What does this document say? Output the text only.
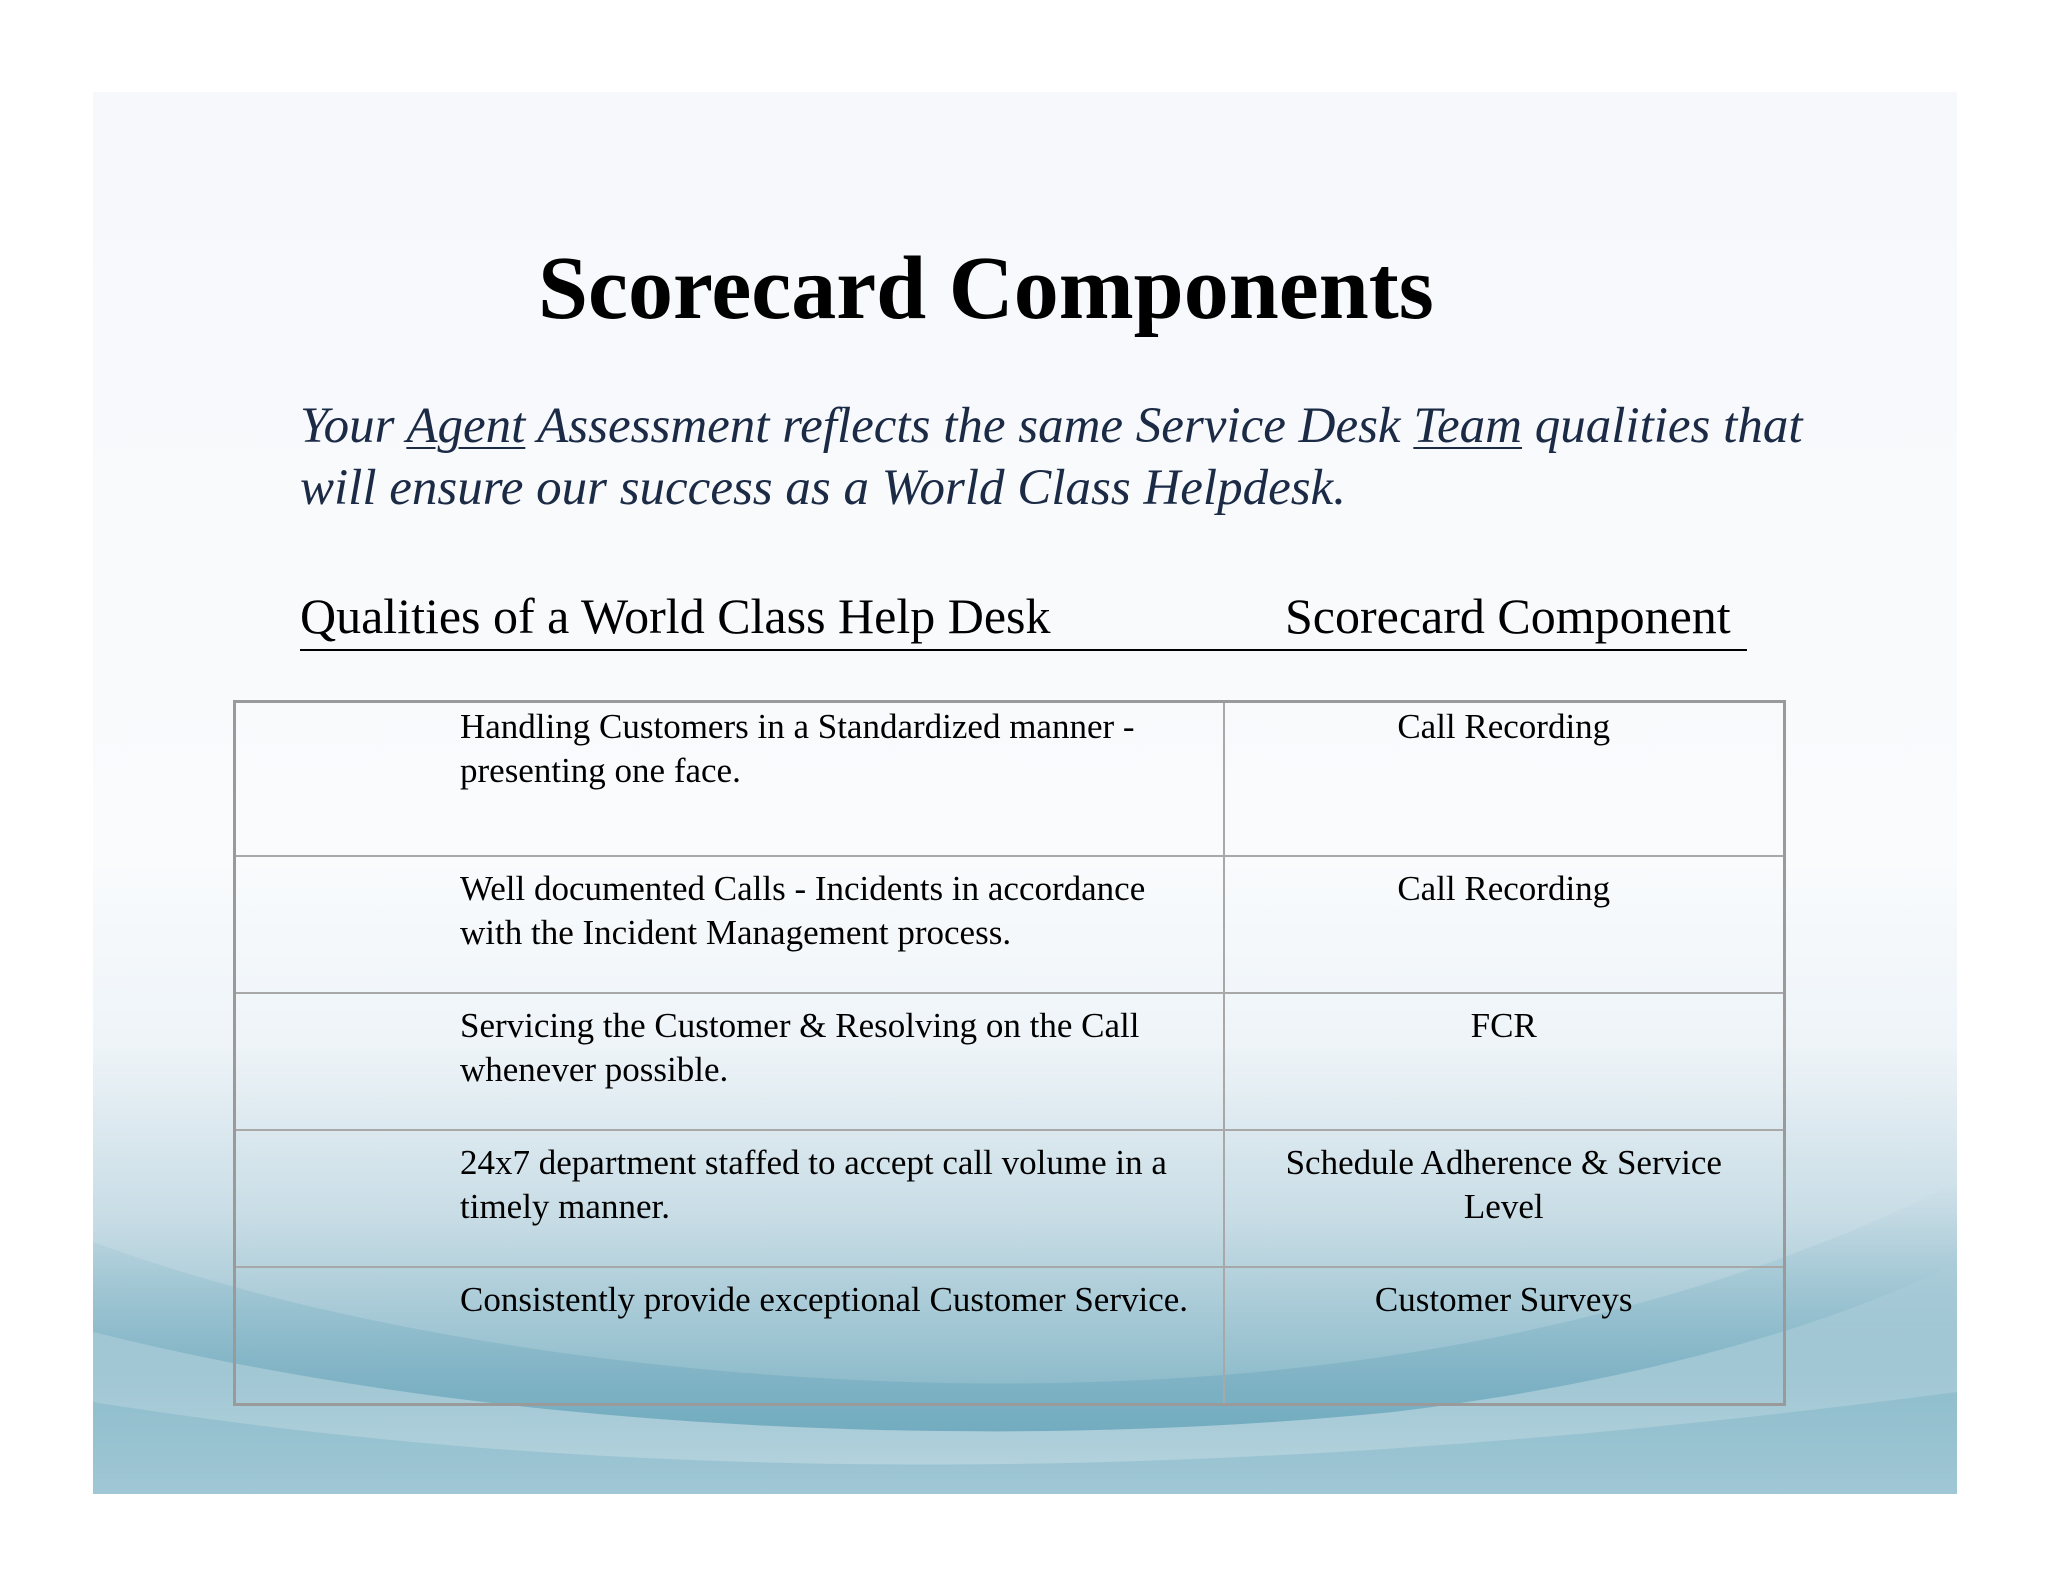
Scorecard Components

Your Agent Assessment reflects the same Service Desk Team qualities that will ensure our success as a World Class Helpdesk.

Qualities of a World Class Help Desk	Scorecard Component
Handling Customers in a Standardized manner - presenting one face.	Call Recording

Well documented Calls - Incidents in accordance with the Incident Management process.	Call Recording

Servicing the Customer & Resolving on the Call whenever possible.	FCR

24x7 department staffed to accept call volume in a timely manner.	Schedule Adherence & Service Level

Consistently provide exceptional Customer Service.	Customer Surveys
